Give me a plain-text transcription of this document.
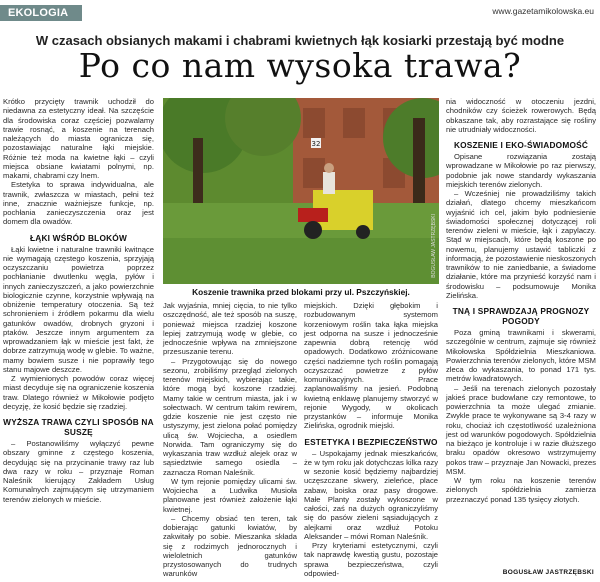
EKOLOGIA	www.gazetamikolowska.eu
W czasach obsianych makami i chabrami kwietnych łąk kosiarki przestają być modne
Po co nam wysoka trawa?

Krótko przycięty trawnik uchodził do niedawna za estetyczny ideał. Na szczęście dla środowiska coraz częściej pozwalamy trawie rosnąć, a koszenie na terenach należących do miasta ogranicza się, pozostawiając naturalne łąki miejskie. Różnie też moda na kwietne łąki – czyli miejsca obsiane kwiatami polnymi, np. makami, chabrami czy lnem.

Estetyka to sprawa indywidualna, ale trawnik, zwłaszcza w miastach, pełni też inne, znacznie ważniejsze funkcje, np. pochłania zanieczyszczenia oraz jest domem dla owadów.

ŁĄKI WŚRÓD BLOKÓW

Łąki kwietne i naturalne trawniki kwitnące nie wymagają częstego koszenia, sprzyjają oczyszczaniu powietrza poprzez pochłanianie dwutlenku węgla, pyłów i innych zanieczyszczeń, a jako powierzchnie biologicznie czynne, korzystnie wpływają na obniżenie temperatury otoczenia. Są też schronieniem i źródłem pokarmu dla wielu gatunków owadów, drobnych gryzoni i ptaków. Jeszcze innym argumentem za wprowadzaniem łąk w mieście jest fakt, że dobrze zatrzymują wodę w glebie. To ważne, mamy bowiem susze i nie poprawiły tego stanu majowe deszcze.

Z wymienionych powodów coraz więcej miast decyduje się na ograniczenie koszenia traw. Dlatego również w Mikołowie podjęto decyzję, że kosić będzie się rzadziej.

WYŻSZA TRAWA CZYLI SPOSÓB NA SUSZĘ

– Postanowiliśmy wyłączyć pewne obszary gminne z częstego koszenia, decydując się na przycinanie trawy raz lub dwa razy w roku – przyznaje Roman Naleśnik kierujący Zakładem Usług Komunalnych zajmującym się utrzymaniem terenów zielonych w mieście.

32
BOGUSŁAW JASTRZĘBSKI
Koszenie trawnika przed blokami przy ul. Pszczyńskiej.

Jak wyjaśnia, mniej cięcia, to nie tylko oszczędność, ale też sposób na suszę, ponieważ miejsca rzadziej koszone lepiej zatrzymują wodę w glebie, co jednocześnie wpływa na zmniejszone przesuszanie terenu.

– Przygotowując się do nowego sezonu, zrobiliśmy przegląd zielonych terenów miejskich, wybierając takie, które mogą być koszone rzadziej. Mamy takie w centrum miasta, jak i w sołectwach. W centrum takim rewirem, gdzie koszenie nie jest często nie ustyszymy, jest zielona połać pomiędzy ulicą św. Wojciecha, a osiedlem Norwida. Tam ograniczymy się do wykaszania traw wzdłuż alejek oraz w sąsiedztwie samego osiedla – zaznacza Roman Naleśnik.

W tym rejonie pomiędzy ulicami św. Wojciecha a Ludwika Musioła planowane jest również założenie łąki kwietnej.

– Chcemy obsiać ten teren, tak dobierając gatunki kwiatów, by zakwitały po sobie. Mieszanka składa się z rodzimych jednorocznych i wieloletnich gatunków przystosowanych do trudnych warunków

miejskich. Dzięki głębokim i rozbudowanym systemom korzeniowym roślin taka łąka miejska jest odporna na susze i jednocześnie zapewnia dobrą retencję wód opadowych. Dodatkowo zróżnicowane części nadziemne tych roślin pomagają oczyszczać powietrze z pyłów komunikacyjnych. Prace zaplanowaliśmy na jesień. Podobną kwietną enklawę planujemy stworzyć w rejonie Wygody, w okolicach przystanków – informuje Monika Zielińska, ogrodnik miejski.

ESTETYKA I BEZPIECZEŃSTWO

– Uspokajamy jednak mieszkańców, że w tym roku jak dotychczas kilka razy w sezonie kosić będziemy najbardziej uczęszczane skwery, zieleńce, place zabaw, boiska oraz pasy drogowe. Małe Planty zostały wykoszone w całości, zaś na dużych ograniczyliśmy się do pasów zieleni sąsiadujących z alejkami oraz wzdłuż Potoku Aleksander – mówi Roman Naleśnik.

Przy kryteriami estetycznymi, czyli tak naprawdę kwestią gustu, pozostaje sprawa bezpieczeństwa, czyli odpowied-

nia widoczność w otoczeniu jezdni, chodników czy ścieżek rowerowych. Będą obkaszane tak, aby rozrastające się rośliny nie utrudniały widoczności.

KOSZENIE I EKO-ŚWIADOMOŚĆ

Opisane rozwiązania zostają wprowadzane w Mikołowie po raz pierwszy, podobnie jak nowe standardy wykaszania miejskich terenów zielonych.

– Wcześniej nie prowadziliśmy takich działań, dlatego chcemy mieszkańcom wyjaśnić ich cel, jakim było podniesienie świadomości społecznej dotyczącej roli terenów zieleni w mieście, łąk i zapylaczy. Stąd w miejscach, które będą koszone po nowemu, planujemy ustawić tabliczki z informacją, że pozostawienie nieskoszonych trawników to nie zaniedbanie, a świadome działanie, które ma przynieść korzyść nam i środowisku – podsumowuje Monika Zielińska.

TNĄ I SPRAWDZAJĄ PROGNOZY POGODY

Poza gminą trawnikami i skwerami, szczególnie w centrum, zajmuje się również Mikołowska Spółdzielnia Mieszkaniowa. Powierzchnia terenów zielonych, które MSM zleca do wykaszania, to ponad 171 tys. metrów kwadratowych.

– Jeśli na terenach zielonych pozostały jakieś prace budowlane czy remontowe, to powierzchnia ta może ulegać zmianie. Zwykle prace te wykonywane są 3-4 razy w roku, chociaż ich częstotliwość uzależniona jest od warunków pogodowych. Spółdzielnia na bieżąco je kontroluje i w razie dłuższego braku opadów okresowo wstrzymujemy pokos traw – przyznaje Jan Nowacki, prezes MSM.

W tym roku na koszenie terenów zielonych spółdzielnia zamierza przeznaczyć ponad 135 tysięcy złotych.

BOGUSŁAW JASTRZĘBSKI
